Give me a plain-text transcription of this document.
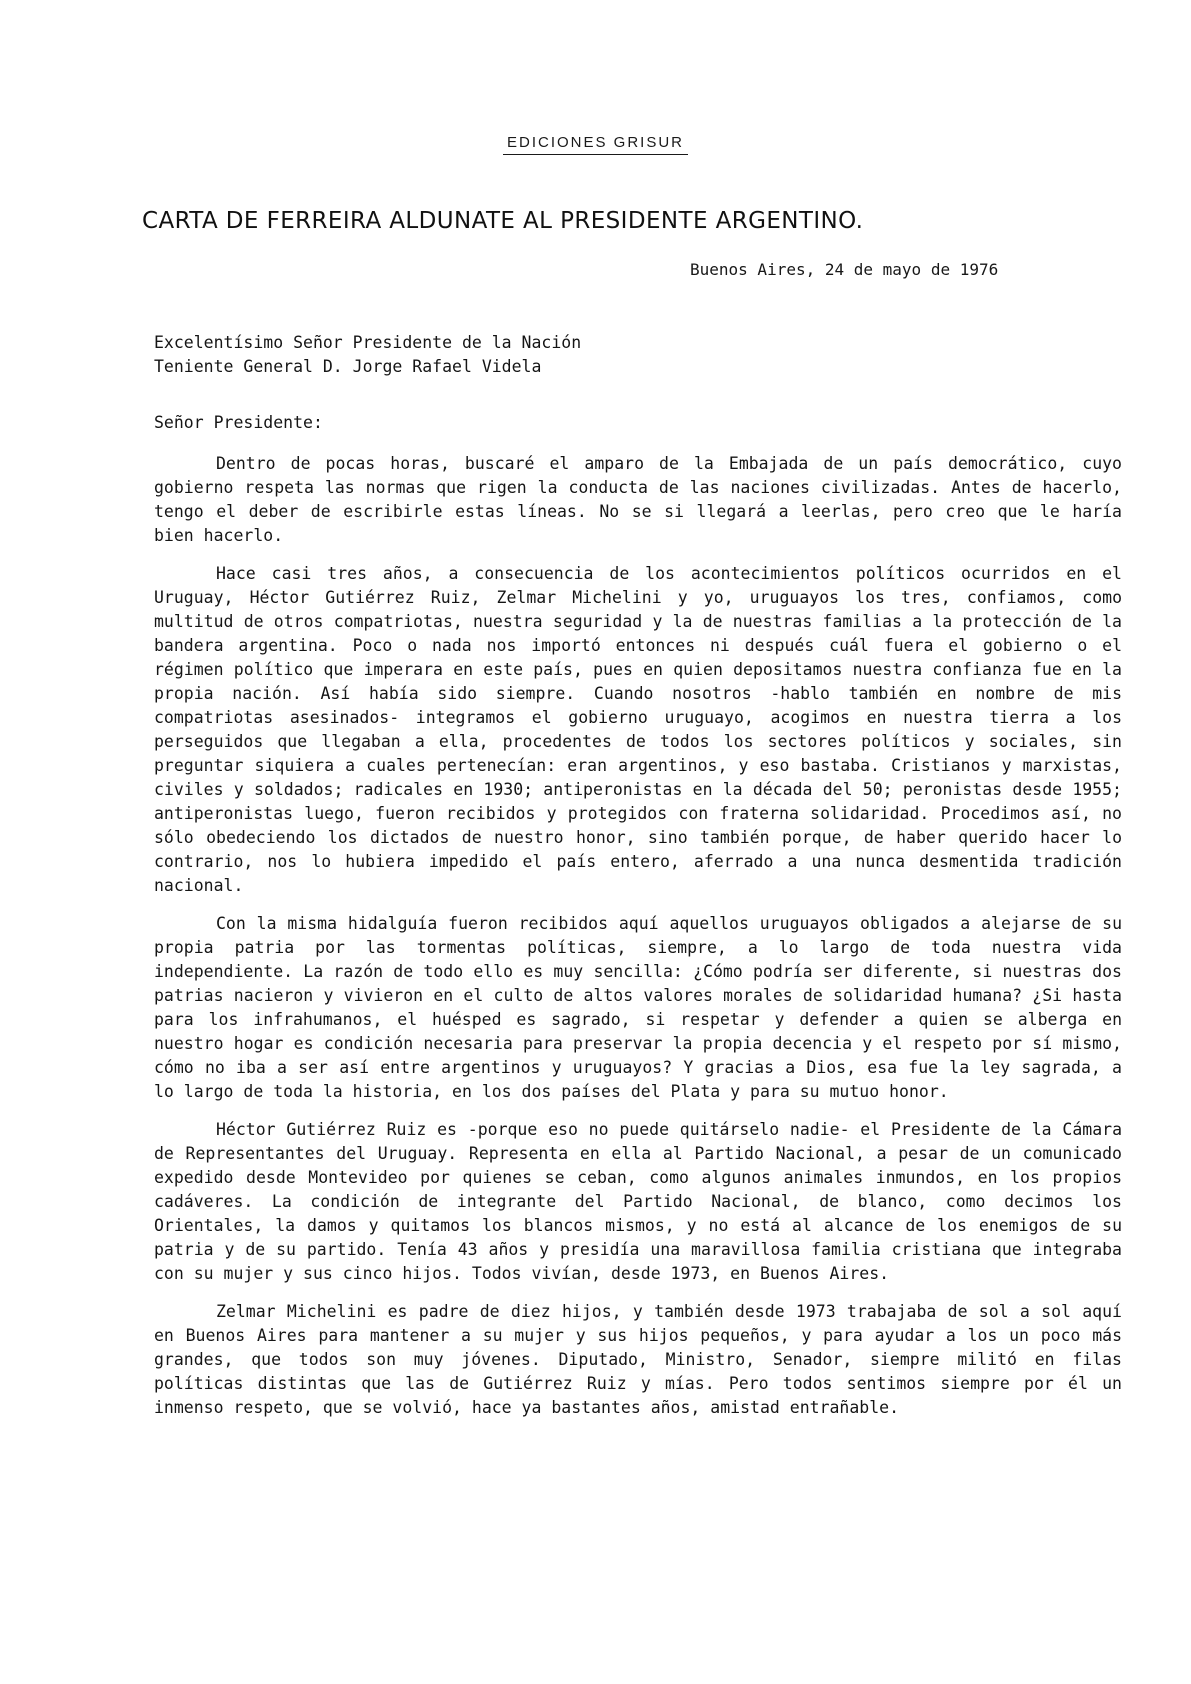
EDICIONES GRISUR
CARTA DE FERREIRA ALDUNATE AL PRESIDENTE ARGENTINO.
Buenos Aires, 24 de mayo de 1976
Excelentísimo Señor Presidente de la Nación
Teniente General D. Jorge Rafael Videla
Señor Presidente:

Dentro de pocas horas, buscaré el amparo de la Embajada de un país democrático, cuyo gobierno respeta las normas que rigen la conducta de las naciones civilizadas. Antes de hacerlo, tengo el deber de escribirle estas líneas. No se si llegará a leerlas, pero creo que le haría bien hacerlo.

Hace casi tres años, a consecuencia de los acontecimientos políticos ocurridos en el Uruguay, Héctor Gutiérrez Ruiz, Zelmar Michelini y yo, uruguayos los tres, confiamos, como multitud de otros compatriotas, nuestra seguridad y la de nuestras familias a la protección de la bandera argentina. Poco o nada nos importó entonces ni después cuál fuera el gobierno o el régimen político que imperara en este país, pues en quien depositamos nuestra confianza fue en la propia nación. Así había sido siempre. Cuando nosotros -hablo también en nombre de mis compatriotas asesinados- integramos el gobierno uruguayo, acogimos en nuestra tierra a los perseguidos que llegaban a ella, procedentes de todos los sectores políticos y sociales, sin preguntar siquiera a cuales pertenecían: eran argentinos, y eso bastaba. Cristianos y marxistas, civiles y soldados; radicales en 1930; antiperonistas en la década del 50; peronistas desde 1955; antiperonistas luego, fueron recibidos y protegidos con fraterna solidaridad. Procedimos así, no sólo obedeciendo los dictados de nuestro honor, sino también porque, de haber querido hacer lo contrario, nos lo hubiera impedido el país entero, aferrado a una nunca desmentida tradición nacional.

Con la misma hidalguía fueron recibidos aquí aquellos uruguayos obligados a alejarse de su propia patria por las tormentas políticas, siempre, a lo largo de toda nuestra vida independiente. La razón de todo ello es muy sencilla: ¿Cómo podría ser diferente, si nuestras dos patrias nacieron y vivieron en el culto de altos valores morales de solidaridad humana? ¿Si hasta para los infrahumanos, el huésped es sagrado, si respetar y defender a quien se alberga en nuestro hogar es condición necesaria para preservar la propia decencia y el respeto por sí mismo, cómo no iba a ser así entre argentinos y uruguayos? Y gracias a Dios, esa fue la ley sagrada, a lo largo de toda la historia, en los dos países del Plata y para su mutuo honor.

Héctor Gutiérrez Ruiz es -porque eso no puede quitárselo nadie- el Presidente de la Cámara de Representantes del Uruguay. Representa en ella al Partido Nacional, a pesar de un comunicado expedido desde Montevideo por quienes se ceban, como algunos animales inmundos, en los propios cadáveres. La condición de integrante del Partido Nacional, de blanco, como decimos los Orientales, la damos y quitamos los blancos mismos, y no está al alcance de los enemigos de su patria y de su partido. Tenía 43 años y presidía una maravillosa familia cristiana que integraba con su mujer y sus cinco hijos. Todos vivían, desde 1973, en Buenos Aires.

Zelmar Michelini es padre de diez hijos, y también desde 1973 trabajaba de sol a sol aquí en Buenos Aires para mantener a su mujer y sus hijos pequeños, y para ayudar a los un poco más grandes, que todos son muy jóvenes. Diputado, Ministro, Senador, siempre militó en filas políticas distintas que las de Gutiérrez Ruiz y mías. Pero todos sentimos siempre por él un inmenso respeto, que se volvió, hace ya bastantes años, amistad entrañable.
